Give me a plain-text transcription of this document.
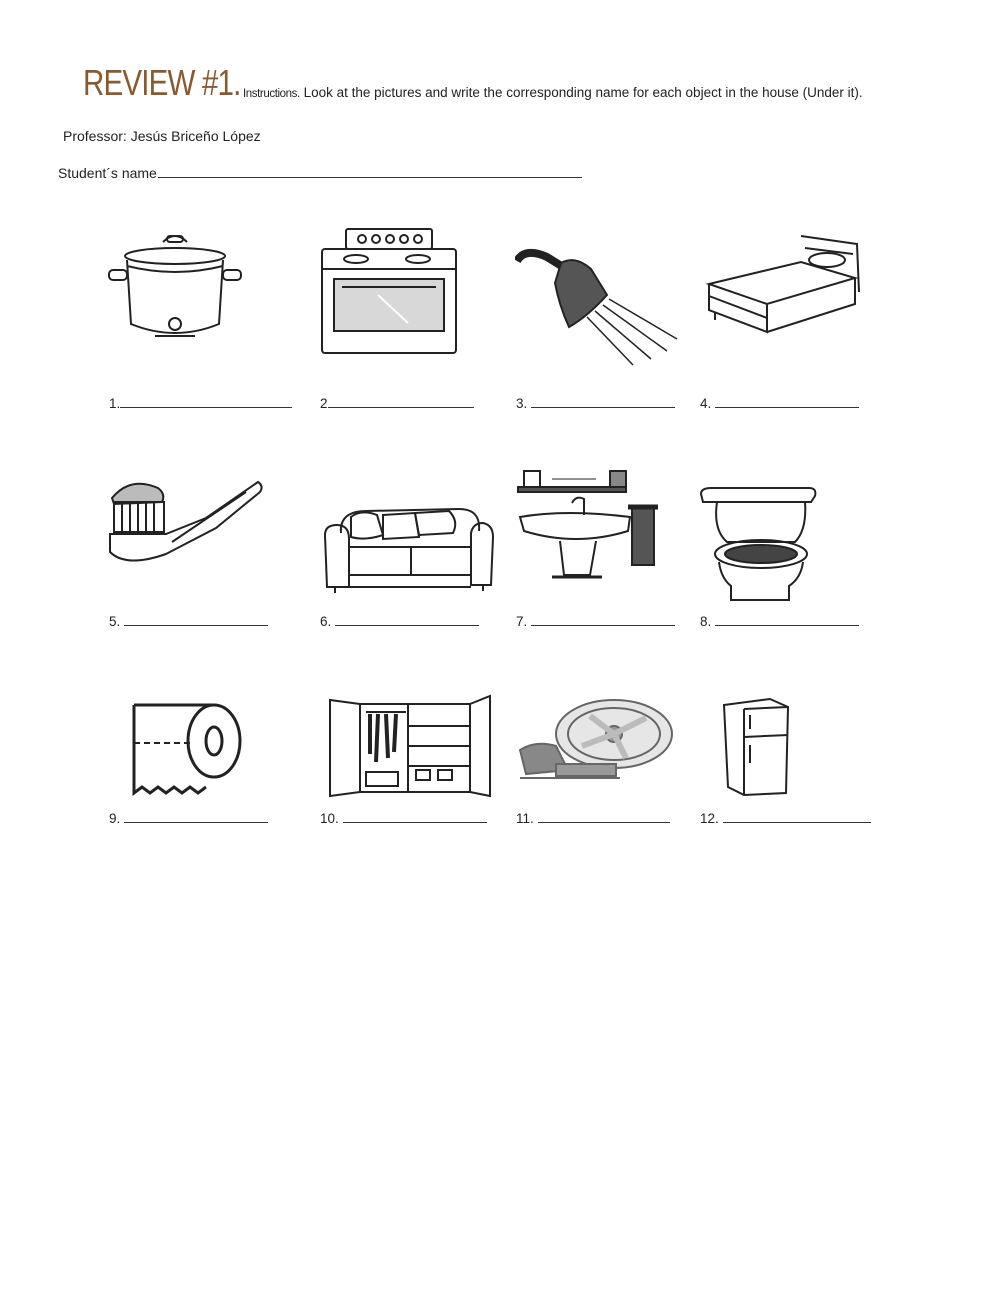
REVIEW #1. Instructions. Look at the pictures and write the corresponding name for each object in the house (Under it).
Professor: Jesús Briceño López
Student´s name
1.	2	3.	4.
5.	6.	7.	8.
9.	10.	11.	12.
